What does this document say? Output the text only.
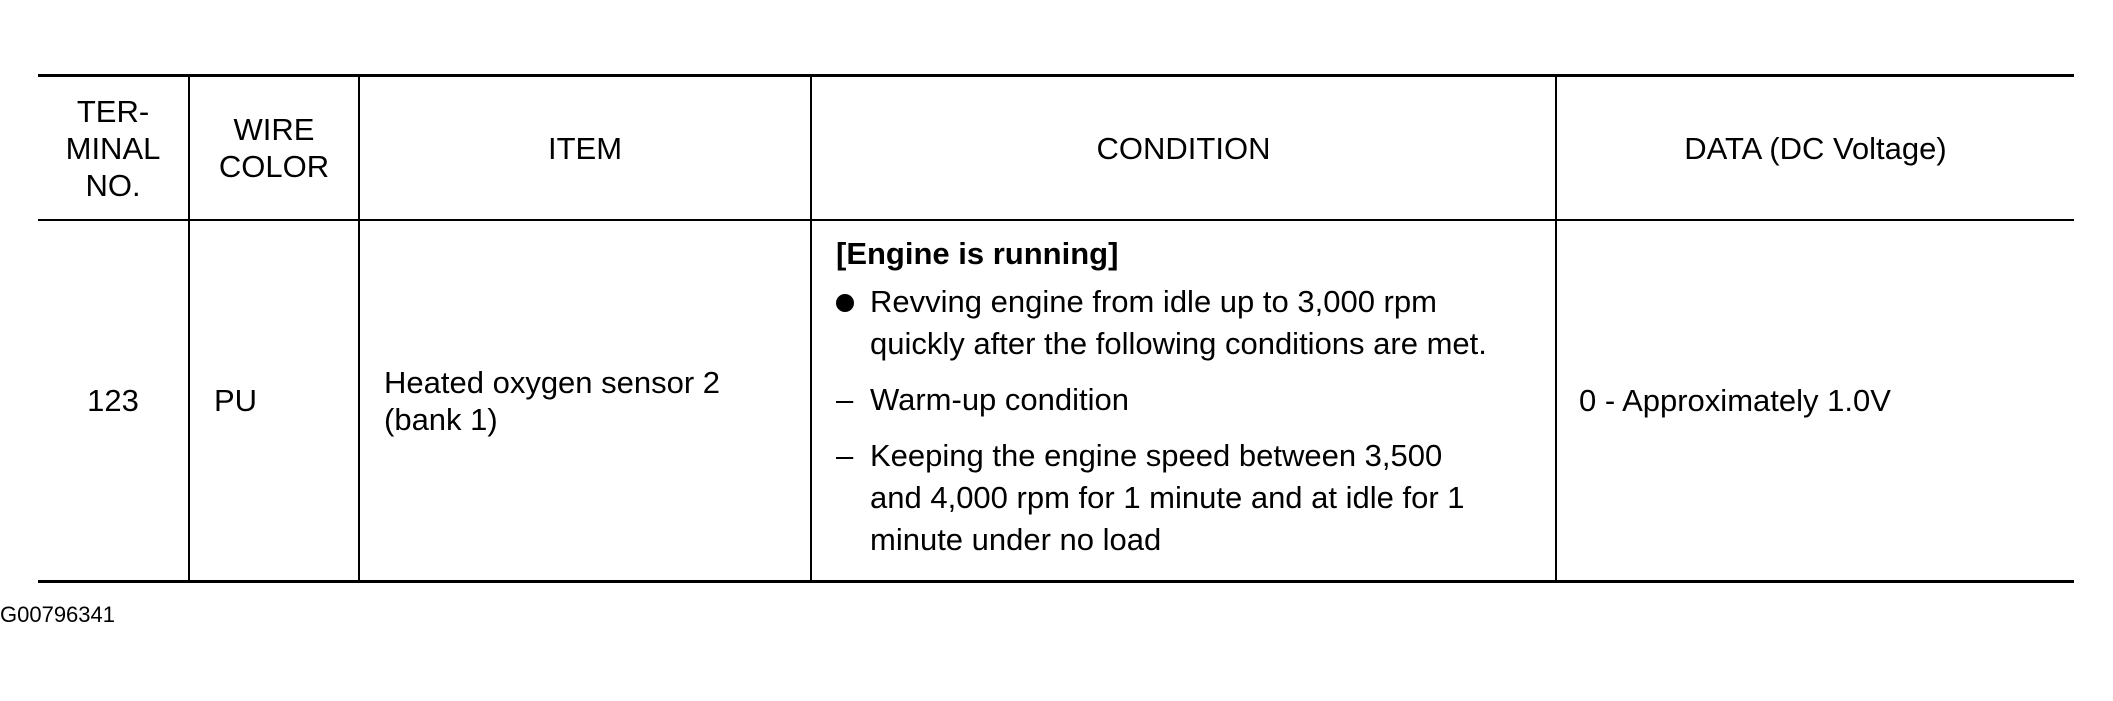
TER-
MINAL
NO.
WIRE
COLOR
ITEM	CONDITION	DATA (DC Voltage)
123 PU
Heated oxygen sensor 2
(bank 1)
[Engine is running]
Revving engine from idle up to 3,000 rpm
quickly after the following conditions are met.
– Warm-up condition
– Keeping the engine speed between 3,500
and 4,000 rpm for 1 minute and at idle for 1
minute under no load
0 - Approximately 1.0V
G00796341
